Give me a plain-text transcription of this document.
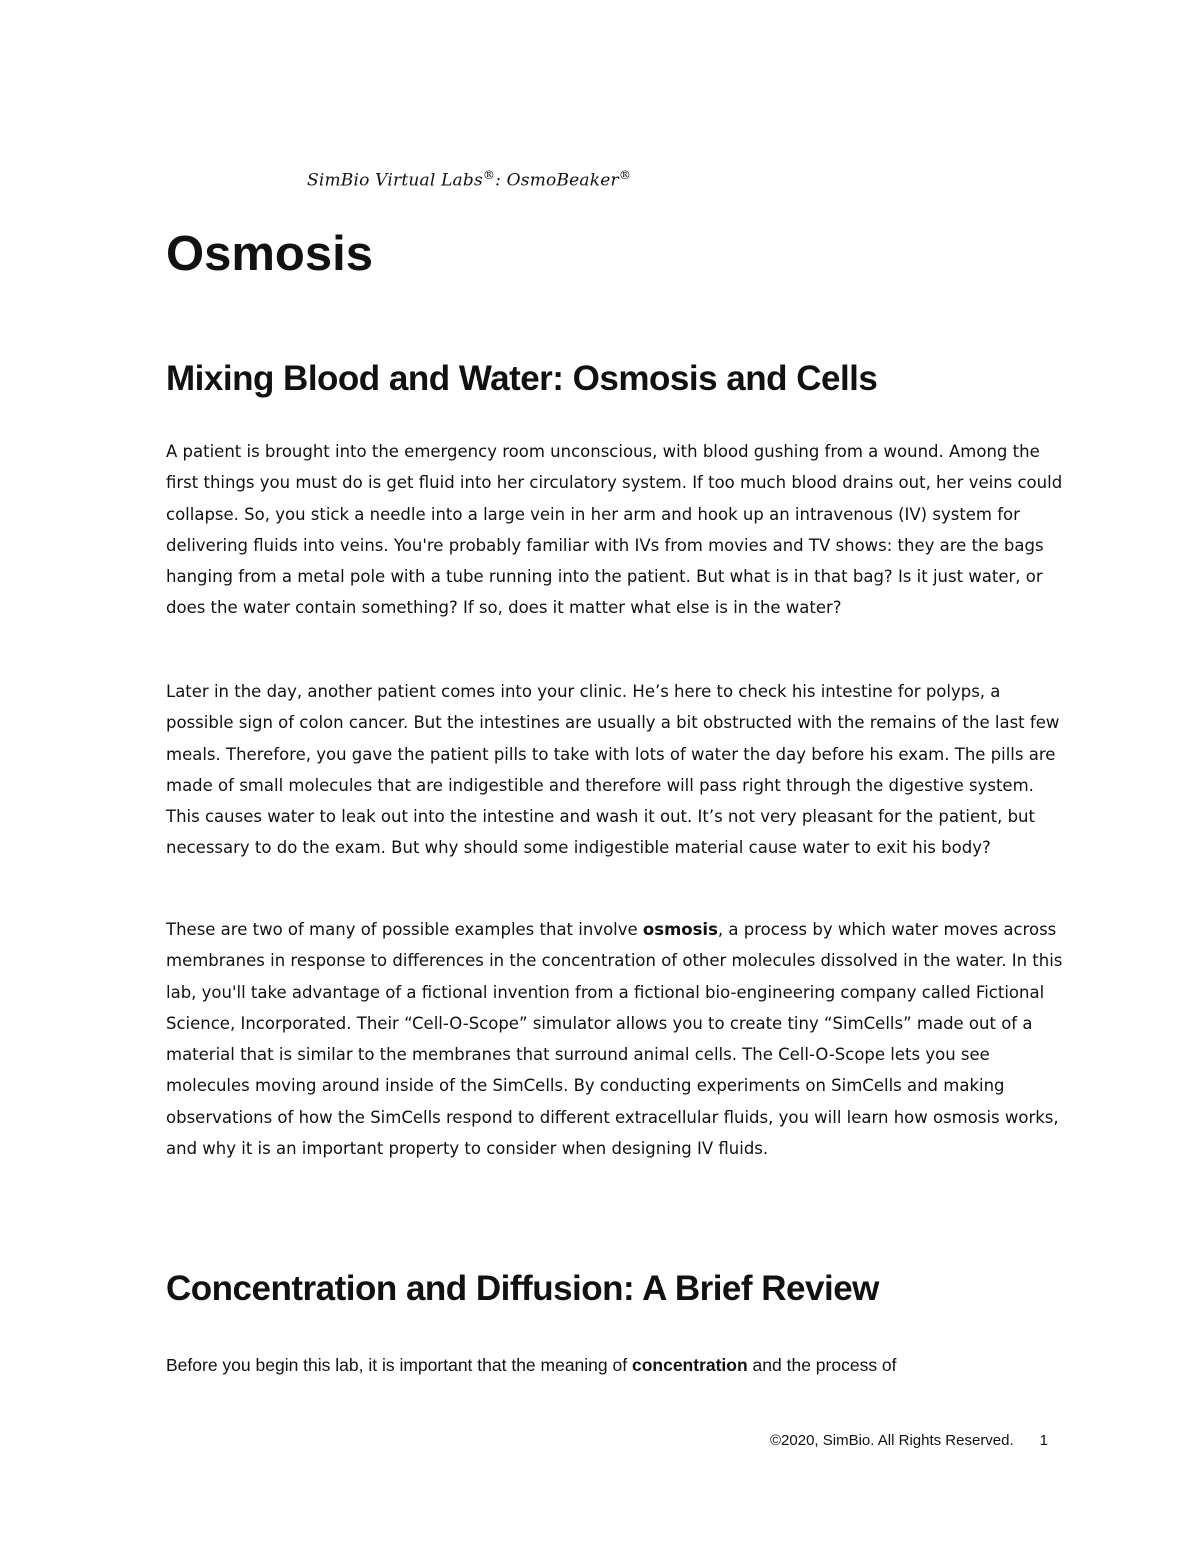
SimBio Virtual Labs®: OsmoBeaker®
Osmosis
Mixing Blood and Water: Osmosis and Cells

A patient is brought into the emergency room unconscious, with blood gushing from a wound. Among the first things you must do is get fluid into her circulatory system. If too much blood drains out, her veins could collapse. So, you stick a needle into a large vein in her arm and hook up an intravenous (IV) system for delivering fluids into veins. You're probably familiar with IVs from movies and TV shows: they are the bags hanging from a metal pole with a tube running into the patient. But what is in that bag? Is it just water, or does the water contain something? If so, does it matter what else is in the water?

Later in the day, another patient comes into your clinic. He’s here to check his intestine for polyps, a possible sign of colon cancer. But the intestines are usually a bit obstructed with the remains of the last few meals. Therefore, you gave the patient pills to take with lots of water the day before his exam. The pills are made of small molecules that are indigestible and therefore will pass right through the digestive system. This causes water to leak out into the intestine and wash it out. It’s not very pleasant for the patient, but necessary to do the exam. But why should some indigestible material cause water to exit his body?

These are two of many of possible examples that involve osmosis, a process by which water moves across membranes in response to differences in the concentration of other molecules dissolved in the water. In this lab, you'll take advantage of a fictional invention from a fictional bio-engineering company called Fictional Science, Incorporated. Their “Cell-O-Scope” simulator allows you to create tiny “SimCells” made out of a material that is similar to the membranes that surround animal cells. The Cell-O-Scope lets you see molecules moving around inside of the SimCells. By conducting experiments on SimCells and making observations of how the SimCells respond to different extracellular fluids, you will learn how osmosis works, and why it is an important property to consider when designing IV fluids.

Concentration and Diffusion: A Brief Review

Before you begin this lab, it is important that the meaning of concentration and the process of

©2020, SimBio. All Rights Reserved. 1
